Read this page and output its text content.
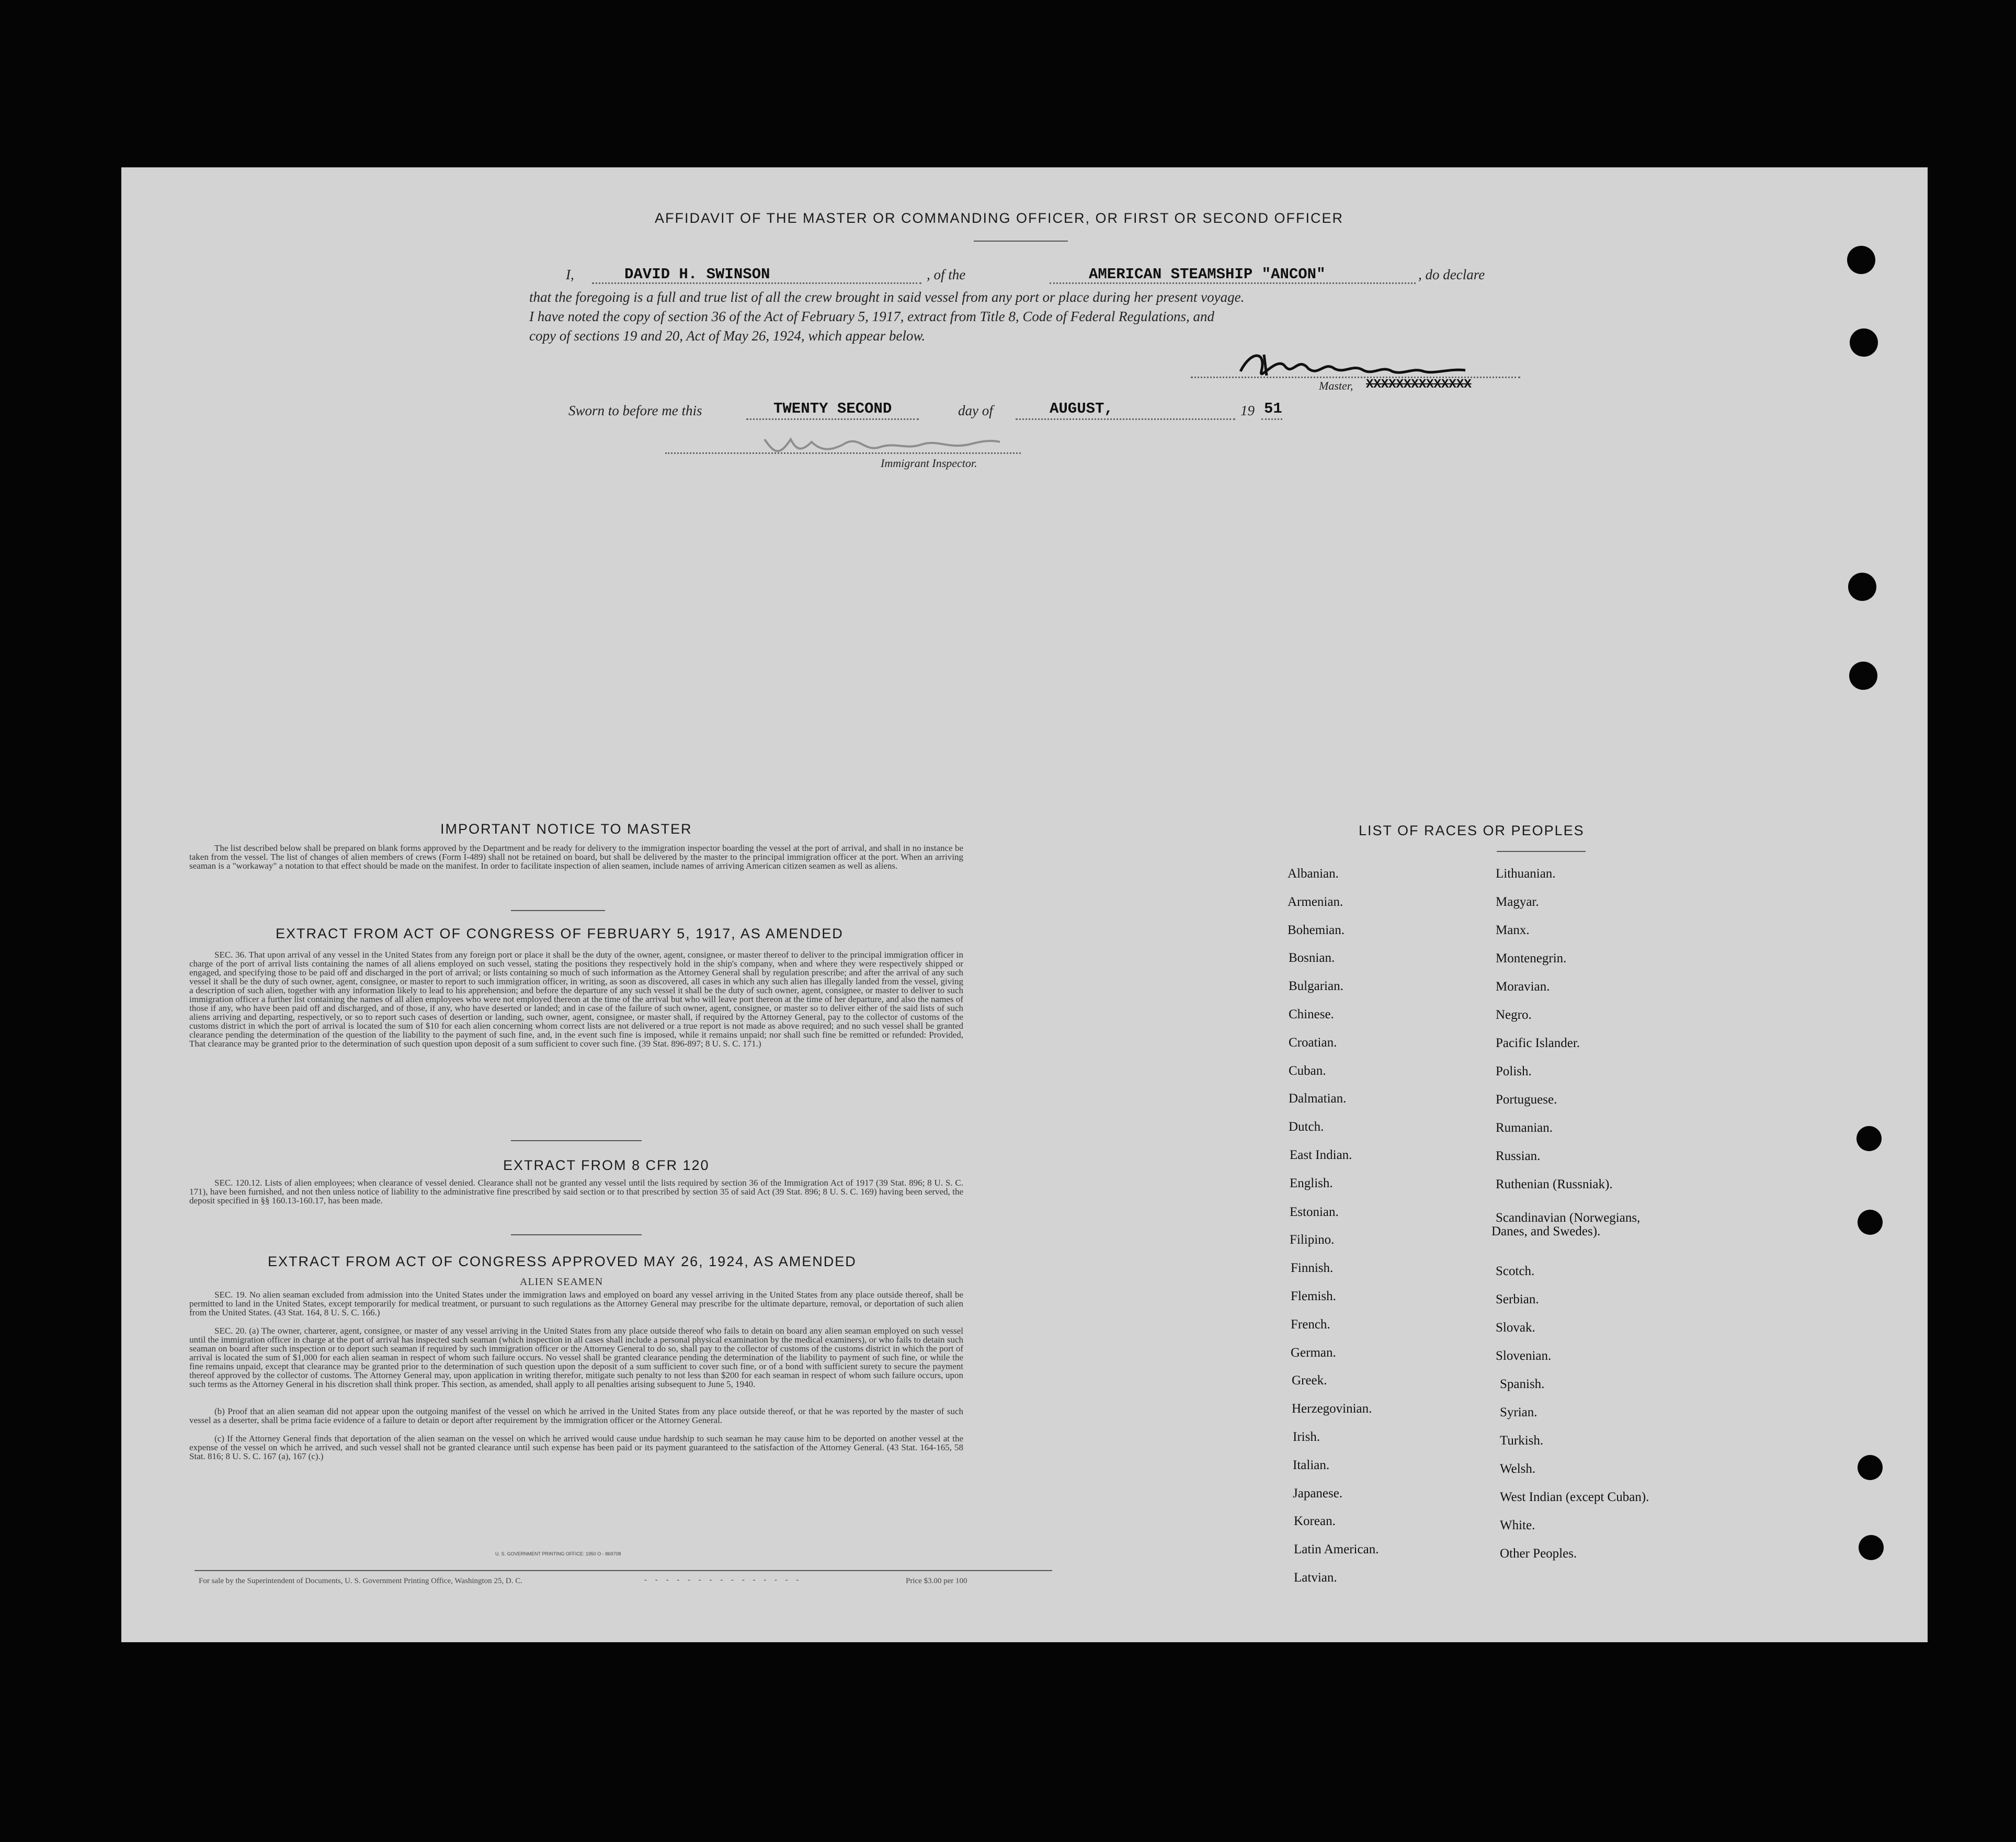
AFFIDAVIT OF THE MASTER OR COMMANDING OFFICER, OR FIRST OR SECOND OFFICER
I,	DAVID H. SWINSON	, of the	AMERICAN STEAMSHIP "ANCON"	, do declare
that the foregoing is a full and true list of all the crew brought in said vessel from any port or place during her present voyage.
I have noted the copy of section 36 of the Act of February 5, 1917, extract from Title 8, Code of Federal Regulations, and
copy of sections 19 and 20, Act of May 26, 1924, which appear below.
Master, XXXXXXXXXXXXXX
Sworn to before me this	TWENTY SECOND	day of	AUGUST,	19 51
Immigrant Inspector.
IMPORTANT NOTICE TO MASTER
The list described below shall be prepared on blank forms approved by the Department and be ready for delivery to the immigration inspector boarding the vessel at the port of arrival, and shall in no instance be taken from the vessel. The list of changes of alien members of crews (Form I-489) shall not be retained on board, but shall be delivered by the master to the principal immigration officer at the port. When an arriving seaman is a "workaway" a notation to that effect should be made on the manifest. In order to facilitate inspection of alien seamen, include names of arriving American citizen seamen as well as aliens.
EXTRACT FROM ACT OF CONGRESS OF FEBRUARY 5, 1917, AS AMENDED
SEC. 36. That upon arrival of any vessel in the United States from any foreign port or place it shall be the duty of the owner, agent, consignee, or master thereof to deliver to the principal immigration officer in charge of the port of arrival lists containing the names of all aliens employed on such vessel, stating the positions they respectively hold in the ship's company, when and where they were respectively shipped or engaged, and specifying those to be paid off and discharged in the port of arrival; or lists containing so much of such information as the Attorney General shall by regulation prescribe; and after the arrival of any such vessel it shall be the duty of such owner, agent, consignee, or master to report to such immigration officer, in writing, as soon as discovered, all cases in which any such alien has illegally landed from the vessel, giving a description of such alien, together with any information likely to lead to his apprehension; and before the departure of any such vessel it shall be the duty of such owner, agent, consignee, or master to deliver to such immigration officer a further list containing the names of all alien employees who were not employed thereon at the time of the arrival but who will leave port thereon at the time of her departure, and also the names of those if any, who have been paid off and discharged, and of those, if any, who have deserted or landed; and in case of the failure of such owner, agent, consignee, or master so to deliver either of the said lists of such aliens arriving and departing, respectively, or so to report such cases of desertion or landing, such owner, agent, consignee, or master shall, if required by the Attorney General, pay to the collector of customs of the customs district in which the port of arrival is located the sum of $10 for each alien concerning whom correct lists are not delivered or a true report is not made as above required; and no such vessel shall be granted clearance pending the determination of the question of the liability to the payment of such fine, and, in the event such fine is imposed, while it remains unpaid; nor shall such fine be remitted or refunded: Provided, That clearance may be granted prior to the determination of such question upon deposit of a sum sufficient to cover such fine. (39 Stat. 896-897; 8 U. S. C. 171.)
EXTRACT FROM 8 CFR 120
SEC. 120.12. Lists of alien employees; when clearance of vessel denied. Clearance shall not be granted any vessel until the lists required by section 36 of the Immigration Act of 1917 (39 Stat. 896; 8 U. S. C. 171), have been furnished, and not then unless notice of liability to the administrative fine prescribed by said section or to that prescribed by section 35 of said Act (39 Stat. 896; 8 U. S. C. 169) having been served, the deposit specified in §§ 160.13-160.17, has been made.
EXTRACT FROM ACT OF CONGRESS APPROVED MAY 26, 1924, AS AMENDED
ALIEN SEAMEN
SEC. 19. No alien seaman excluded from admission into the United States under the immigration laws and employed on board any vessel arriving in the United States from any place outside thereof, shall be permitted to land in the United States, except temporarily for medical treatment, or pursuant to such regulations as the Attorney General may prescribe for the ultimate departure, removal, or deportation of such alien from the United States. (43 Stat. 164, 8 U. S. C. 166.)
SEC. 20. (a) The owner, charterer, agent, consignee, or master of any vessel arriving in the United States from any place outside thereof who fails to detain on board any alien seaman employed on such vessel until the immigration officer in charge at the port of arrival has inspected such seaman (which inspection in all cases shall include a personal physical examination by the medical examiners), or who fails to detain such seaman on board after such inspection or to deport such seaman if required by such immigration officer or the Attorney General to do so, shall pay to the collector of customs of the customs district in which the port of arrival is located the sum of $1,000 for each alien seaman in respect of whom such failure occurs. No vessel shall be granted clearance pending the determination of the liability to payment of such fine, or while the fine remains unpaid, except that clearance may be granted prior to the determination of such question upon the deposit of a sum sufficient to cover such fine, or of a bond with sufficient surety to secure the payment thereof approved by the collector of customs. The Attorney General may, upon application in writing therefor, mitigate such penalty to not less than $200 for each seaman in respect of whom such failure occurs, upon such terms as the Attorney General in his discretion shall think proper. This section, as amended, shall apply to all penalties arising subsequent to June 5, 1940.
(b) Proof that an alien seaman did not appear upon the outgoing manifest of the vessel on which he arrived in the United States from any place outside thereof, or that he was reported by the master of such vessel as a deserter, shall be prima facie evidence of a failure to detain or deport after requirement by the immigration officer or the Attorney General.
(c) If the Attorney General finds that deportation of the alien seaman on the vessel on which he arrived would cause undue hardship to such seaman he may cause him to be deported on another vessel at the expense of the vessel on which he arrived, and such vessel shall not be granted clearance until such expense has been paid or its payment guaranteed to the satisfaction of the Attorney General. (43 Stat. 164-165, 58 Stat. 816; 8 U. S. C. 167 (a), 167 (c).)
U. S. GOVERNMENT PRINTING OFFICE: 1950 O - 869708
For sale by the Superintendent of Documents, U. S. Government Printing Office, Washington 25, D. C.	- - - - - - - - - - - - - - -	Price $3.00 per 100
LIST OF RACES OR PEOPLES
Albanian.
Armenian.
Bohemian.
Bosnian.
Bulgarian.
Chinese.
Croatian.
Cuban.
Dalmatian.
Dutch.
East Indian.
English.
Estonian.
Filipino.
Finnish.
Flemish.
French.
German.
Greek.
Herzegovinian.
Irish.
Italian.
Japanese.
Korean.
Latin American.
Latvian.
Lithuanian.
Magyar.
Manx.
Montenegrin.
Moravian.
Negro.
Pacific Islander.
Polish.
Portuguese.
Rumanian.
Russian.
Ruthenian (Russniak).
Scandinavian (Norwegians,
Danes, and Swedes).
Scotch.
Serbian.
Slovak.
Slovenian.
Spanish.
Syrian.
Turkish.
Welsh.
West Indian (except Cuban).
White.
Other Peoples.
